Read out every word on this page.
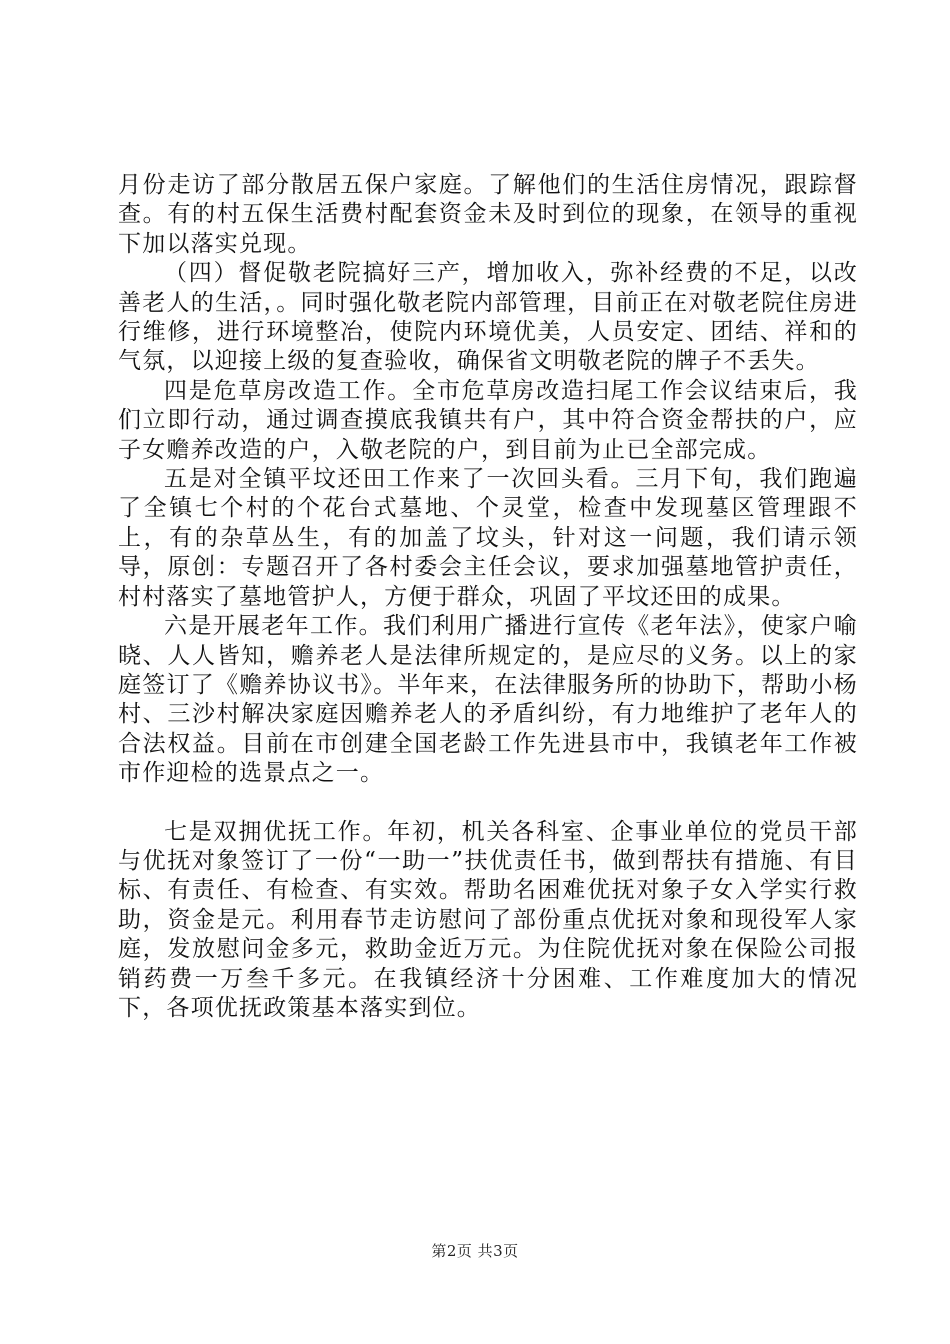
月份走访了部分散居五保户家庭。了解他们的生活住房情况，跟踪督查。有的村五保生活费村配套资金未及时到位的现象，在领导的重视下加以落实兑现。

（四）督促敬老院搞好三产，增加收入，弥补经费的不足，以改善老人的生活，。同时强化敬老院内部管理，目前正在对敬老院住房进行维修，进行环境整冶，使院内环境优美，人员安定、团结、祥和的气氛，以迎接上级的复查验收，确保省文明敬老院的牌子不丢失。

四是危草房改造工作。全市危草房改造扫尾工作会议结束后，我们立即行动，通过调查摸底我镇共有户，其中符合资金帮扶的户，应子女赡养改造的户，入敬老院的户，到目前为止已全部完成。

五是对全镇平坟还田工作来了一次回头看。三月下旬，我们跑遍了全镇七个村的个花台式墓地、个灵堂，检查中发现墓区管理跟不上，有的杂草丛生，有的加盖了坟头，针对这一问题，我们请示领导，原创：专题召开了各村委会主任会议，要求加强墓地管护责任，村村落实了墓地管护人，方便于群众，巩固了平坟还田的成果。

六是开展老年工作。我们利用广播进行宣传《老年法》，使家户喻晓、人人皆知，赡养老人是法律所规定的，是应尽的义务。以上的家庭签订了《赡养协议书》。半年来，在法律服务所的协助下，帮助小杨村、三沙村解决家庭因赡养老人的矛盾纠纷，有力地维护了老年人的合法权益。目前在市创建全国老龄工作先进县市中，我镇老年工作被市作迎检的选景点之一。

七是双拥优抚工作。年初，机关各科室、企事业单位的党员干部与优抚对象签订了一份“一助一”扶优责任书，做到帮扶有措施、有目标、有责任、有检查、有实效。帮助名困难优抚对象子女入学实行救助，资金是元。利用春节走访慰问了部份重点优抚对象和现役军人家庭，发放慰问金多元，救助金近万元。为住院优抚对象在保险公司报销药费一万叁千多元。在我镇经济十分困难、工作难度加大的情况下，各项优抚政策基本落实到位。

第2页 共3页
